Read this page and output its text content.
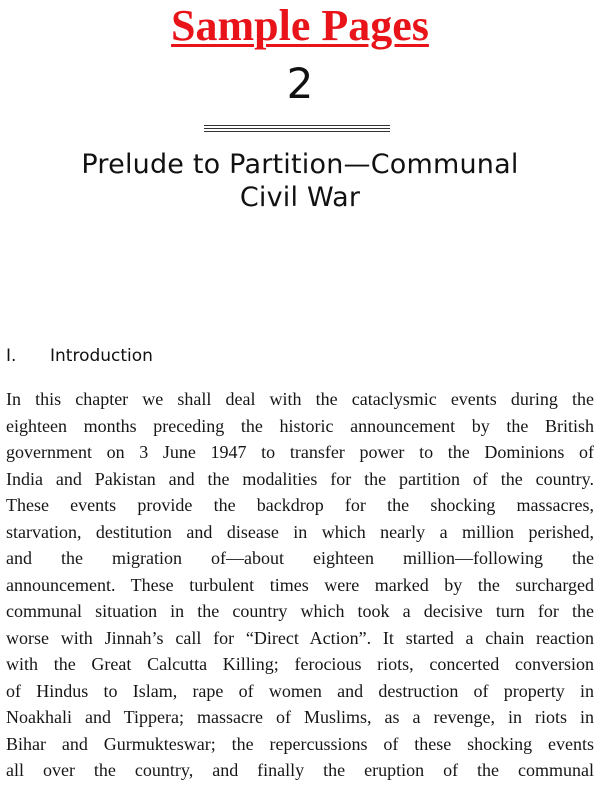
Sample Pages
2
Prelude to Partition—Communal
Civil War
I. Introduction
In this chapter we shall deal with the cataclysmic events during the
eighteen months preceding the historic announcement by the British
government on 3 June 1947 to transfer power to the Dominions of
India and Pakistan and the modalities for the partition of the country.
These events provide the backdrop for the shocking massacres,
starvation, destitution and disease in which nearly a million perished,
and the migration of—about eighteen million—following the
announcement. These turbulent times were marked by the surcharged
communal situation in the country which took a decisive turn for the
worse with Jinnah’s call for “Direct Action”. It started a chain reaction
with the Great Calcutta Killing; ferocious riots, concerted conversion
of Hindus to Islam, rape of women and destruction of property in
Noakhali and Tippera; massacre of Muslims, as a revenge, in riots in
Bihar and Gurmukteswar; the repercussions of these shocking events
all over the country, and finally the eruption of the communal
